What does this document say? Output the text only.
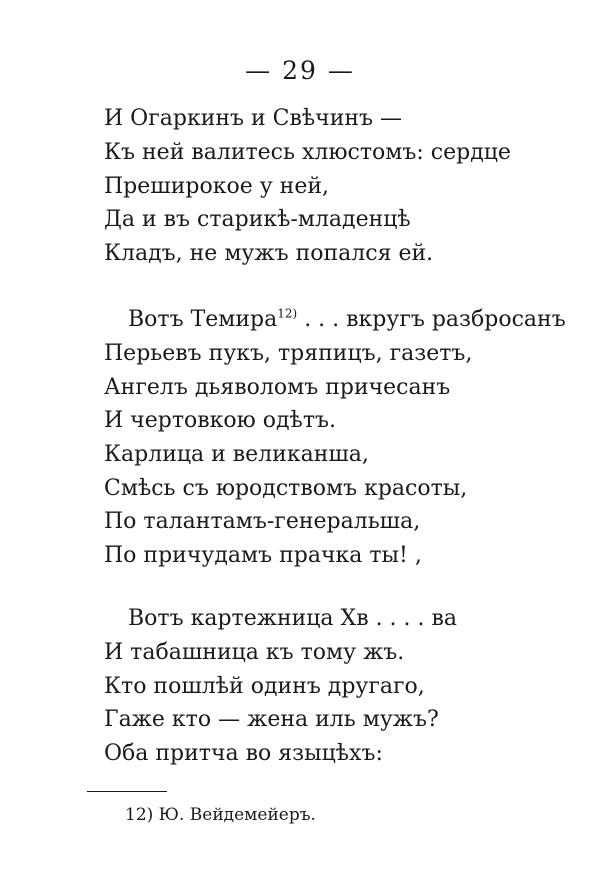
— 29 —
И Огаркинъ и Свѣчинъ —
Къ ней валитесь хлюстомъ: сердце
Преширокое у ней,
Да и въ старикѣ-младенцѣ
Кладъ, не мужъ попался ей.
Вотъ Темира$^{12)}$ . . . вкругъ разбросанъ
Перьевъ пукъ, тряпицъ, газетъ,
Ангелъ дьяволомъ причесанъ
И чертовкою одѣтъ.
Карлица и великанша,
Смѣсь съ юродствомъ красоты,
По талантамъ-генеральша,
По причудамъ прачка ты! ,
Вотъ картежница Хв . . . . ва
И табашница къ тому жъ.
Кто пошлѣй одинъ другаго,
Гаже кто — жена иль мужъ?
Оба притча во языцѣхъ:
12) Ю. Вейдемейеръ.
